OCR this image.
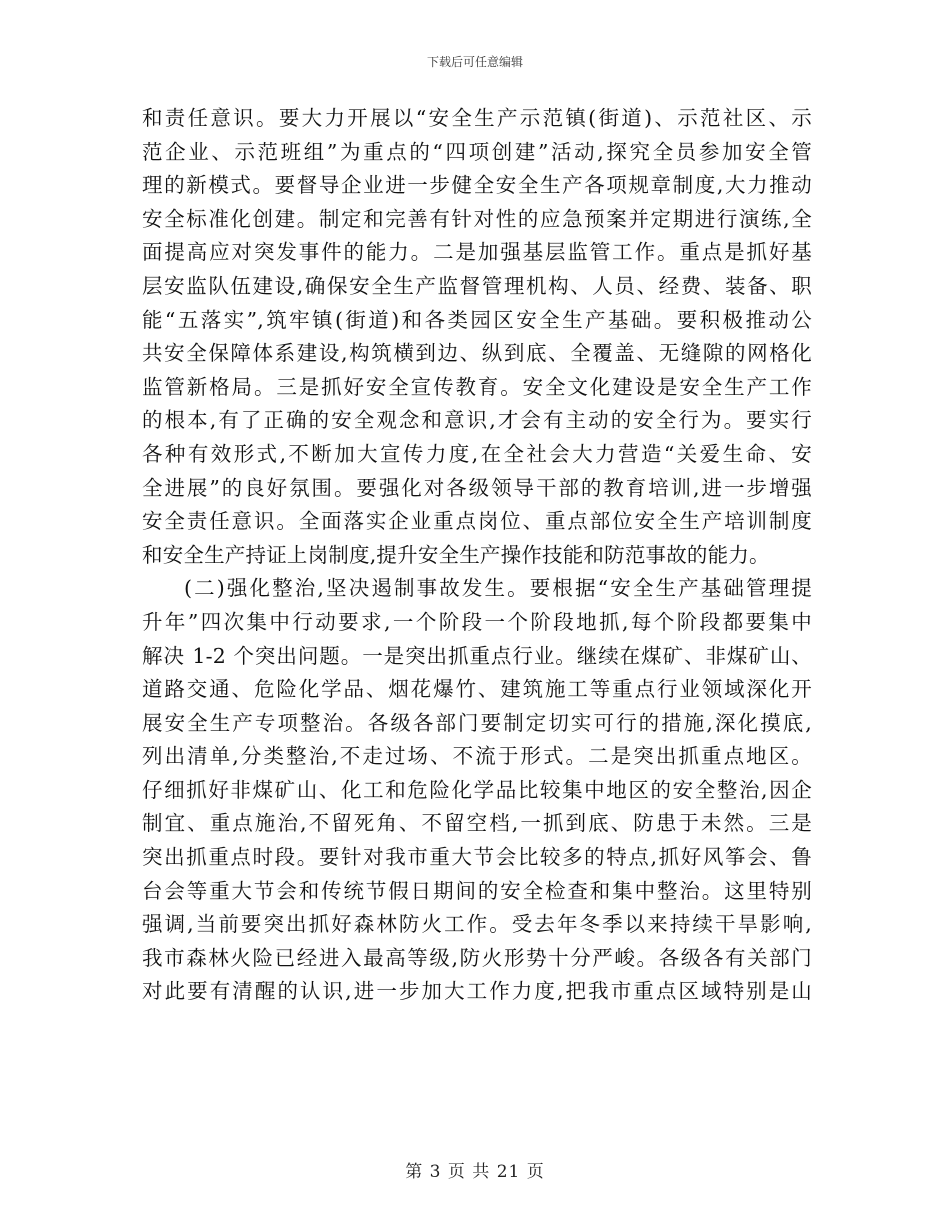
下载后可任意编辑
和责任意识。要大力开展以“安全生产示范镇(街道)、示范社区、示
范企业、示范班组”为重点的“四项创建”活动,探究全员参加安全管
理的新模式。要督导企业进一步健全安全生产各项规章制度,大力推动
安全标准化创建。制定和完善有针对性的应急预案并定期进行演练,全
面提高应对突发事件的能力。二是加强基层监管工作。重点是抓好基
层安监队伍建设,确保安全生产监督管理机构、人员、经费、装备、职
能“五落实”,筑牢镇(街道)和各类园区安全生产基础。要积极推动公
共安全保障体系建设,构筑横到边、纵到底、全覆盖、无缝隙的网格化
监管新格局。三是抓好安全宣传教育。安全文化建设是安全生产工作
的根本,有了正确的安全观念和意识,才会有主动的安全行为。要实行
各种有效形式,不断加大宣传力度,在全社会大力营造“关爱生命、安
全进展”的良好氛围。要强化对各级领导干部的教育培训,进一步增强
安全责任意识。全面落实企业重点岗位、重点部位安全生产培训制度
和安全生产持证上岗制度,提升安全生产操作技能和防范事故的能力。
(二)强化整治,坚决遏制事故发生。要根据“安全生产基础管理提
升年”四次集中行动要求,一个阶段一个阶段地抓,每个阶段都要集中
解决 1-2 个突出问题。一是突出抓重点行业。继续在煤矿、非煤矿山、
道路交通、危险化学品、烟花爆竹、建筑施工等重点行业领域深化开
展安全生产专项整治。各级各部门要制定切实可行的措施,深化摸底,
列出清单,分类整治,不走过场、不流于形式。二是突出抓重点地区。
仔细抓好非煤矿山、化工和危险化学品比较集中地区的安全整治,因企
制宜、重点施治,不留死角、不留空档,一抓到底、防患于未然。三是
突出抓重点时段。要针对我市重大节会比较多的特点,抓好风筝会、鲁
台会等重大节会和传统节假日期间的安全检查和集中整治。这里特别
强调,当前要突出抓好森林防火工作。受去年冬季以来持续干旱影响,
我市森林火险已经进入最高等级,防火形势十分严峻。各级各有关部门
对此要有清醒的认识,进一步加大工作力度,把我市重点区域特别是山
第 3 页 共 21 页
